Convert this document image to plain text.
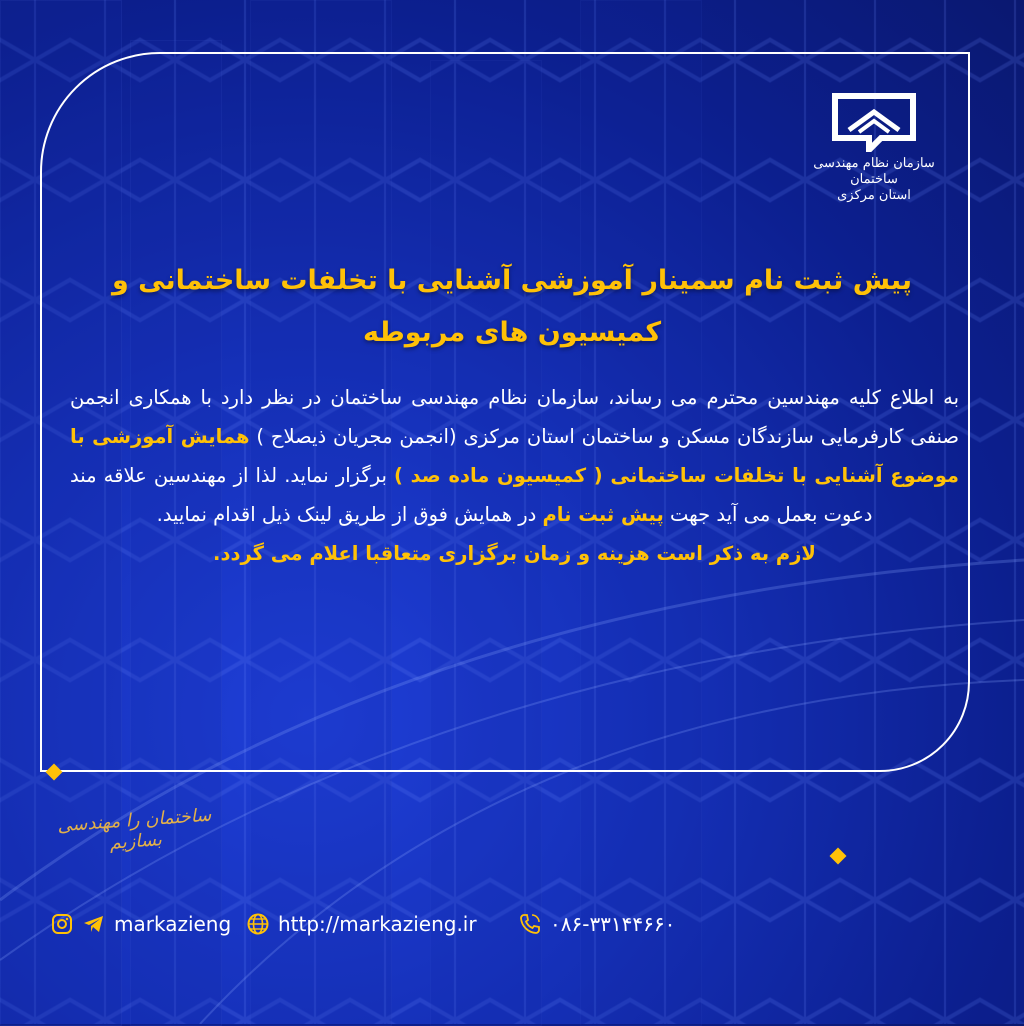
سازمان نظام مهندسی ساختمان
استان مرکزی
پیش ثبت نام سمینار آموزشی آشنایی با تخلفات ساختمانی و
کمیسیون های مربوطه

به اطلاع کلیه مهندسین محترم می رساند، سازمان نظام مهندسی ساختمان در نظر دارد با همکاری انجمن صنفی کارفرمایی سازندگان مسکن و ساختمان استان مرکزی (انجمن مجریان ذیصلاح ) همایش آموزشی با موضوع آشنایی با تخلفات ساختمانی ( کمیسیون ماده صد ) برگزار نماید. لذا از مهندسین علاقه مند دعوت بعمل می آید جهت پیش ثبت نام در همایش فوق از طریق لینک ذیل اقدام نمایید.

لازم به ذکر است هزینه و زمان برگزاری متعاقبا اعلام می گردد.

ساختمان را مهندسی بسازیم
markazieng http://markazieng.ir	۰۸۶-۳۳۱۴۴۶۶۰
